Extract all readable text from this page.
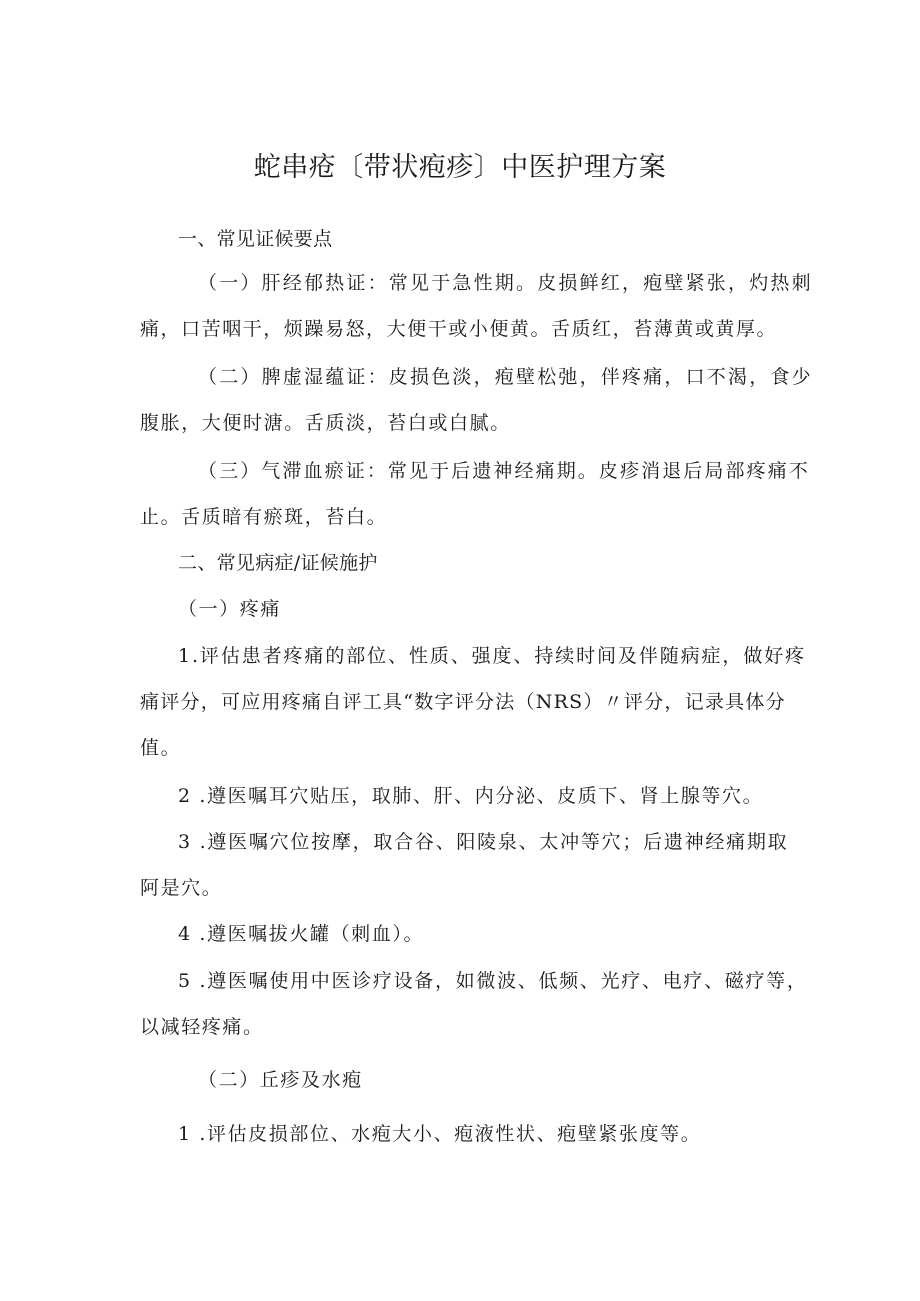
蛇串疮〔带状疱疹〕中医护理方案
一、常见证候要点
（一）肝经郁热证：常见于急性期。皮损鲜红，疱壁紧张，灼热刺
痛，口苦咽干，烦躁易怒，大便干或小便黄。舌质红，苔薄黄或黄厚。
（二）脾虚湿蕴证：皮损色淡，疱壁松弛，伴疼痛，口不渴，食少
腹胀，大便时溏。舌质淡，苔白或白腻。
（三）气滞血瘀证：常见于后遗神经痛期。皮疹消退后局部疼痛不
止。舌质暗有瘀斑，苔白。
二、常见病症/证候施护
（一）疼痛
1.评估患者疼痛的部位、性质、强度、持续时间及伴随病症，做好疼
痛评分，可应用疼痛自评工具“数字评分法（NRS）〃评分，记录具体分
值。
2 .遵医嘱耳穴贴压，取肺、肝、内分泌、皮质下、肾上腺等穴。
3 .遵医嘱穴位按摩，取合谷、阳陵泉、太冲等穴；后遗神经痛期取
阿是穴。
4 .遵医嘱拔火罐（刺血）。
5 .遵医嘱使用中医诊疗设备，如微波、低频、光疗、电疗、磁疗等，
以减轻疼痛。
（二）丘疹及水疱
1 .评估皮损部位、水疱大小、疱液性状、疱壁紧张度等。
